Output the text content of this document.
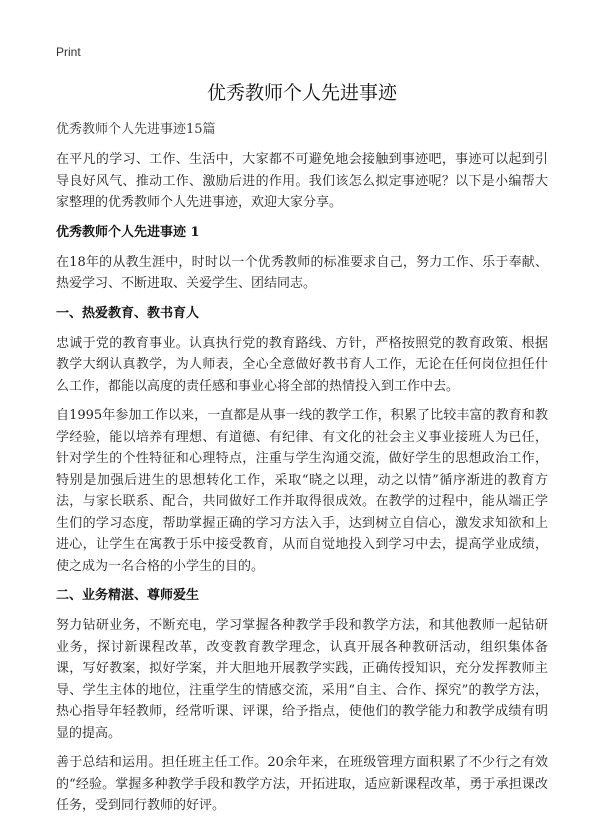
Print
优秀教师个人先进事迹
优秀教师个人先进事迹15篇

在平凡的学习、工作、生活中，大家都不可避免地会接触到事迹吧，事迹可以起到引导良好风气、推动工作、激励后进的作用。我们该怎么拟定事迹呢？以下是小编帮大家整理的优秀教师个人先进事迹，欢迎大家分享。

优秀教师个人先进事迹 1

在18年的从教生涯中，时时以一个优秀教师的标准要求自己，努力工作、乐于奉献、热爱学习、不断进取、关爱学生、团结同志。

一、热爱教育、教书育人

忠诚于党的教育事业。认真执行党的教育路线、方针，严格按照党的教育政策、根据教学大纲认真教学，为人师表，全心全意做好教书育人工作，无论在任何岗位担任什么工作，都能以高度的责任感和事业心将全部的热情投入到工作中去。

自1995年参加工作以来，一直都是从事一线的教学工作，积累了比较丰富的教育和教学经验，能以培养有理想、有道德、有纪律、有文化的社会主义事业接班人为已任，针对学生的个性特征和心理特点，注重与学生沟通交流，做好学生的思想政治工作，特别是加强后进生的思想转化工作，采取“晓之以理，动之以情”循序渐进的教育方法，与家长联系、配合，共同做好工作并取得很成效。在教学的过程中，能从端正学生们的学习态度，帮助掌握正确的学习方法入手，达到树立自信心，激发求知欲和上进心，让学生在寓教于乐中接受教育，从而自觉地投入到学习中去，提高学业成绩，使之成为一名合格的小学生的目的。

二、业务精湛、尊师爱生

努力钻研业务，不断充电，学习掌握各种教学手段和教学方法，和其他教师一起钻研业务，探讨新课程改革，改变教育教学理念，认真开展各种教研活动，组织集体备课，写好教案，拟好学案，并大胆地开展教学实践，正确传授知识，充分发挥教师主导、学生主体的地位，注重学生的情感交流，采用“自主、合作、探究”的教学方法，热心指导年轻教师，经常听课、评课，给予指点，使他们的教学能力和教学成绩有明显的提高。

善于总结和运用。担任班主任工作。20余年来，在班级管理方面积累了不少行之有效的“经验。掌握多种教学手段和教学方法，开拓进取，适应新课程改革，勇于承担课改任务，受到同行教师的好评。
